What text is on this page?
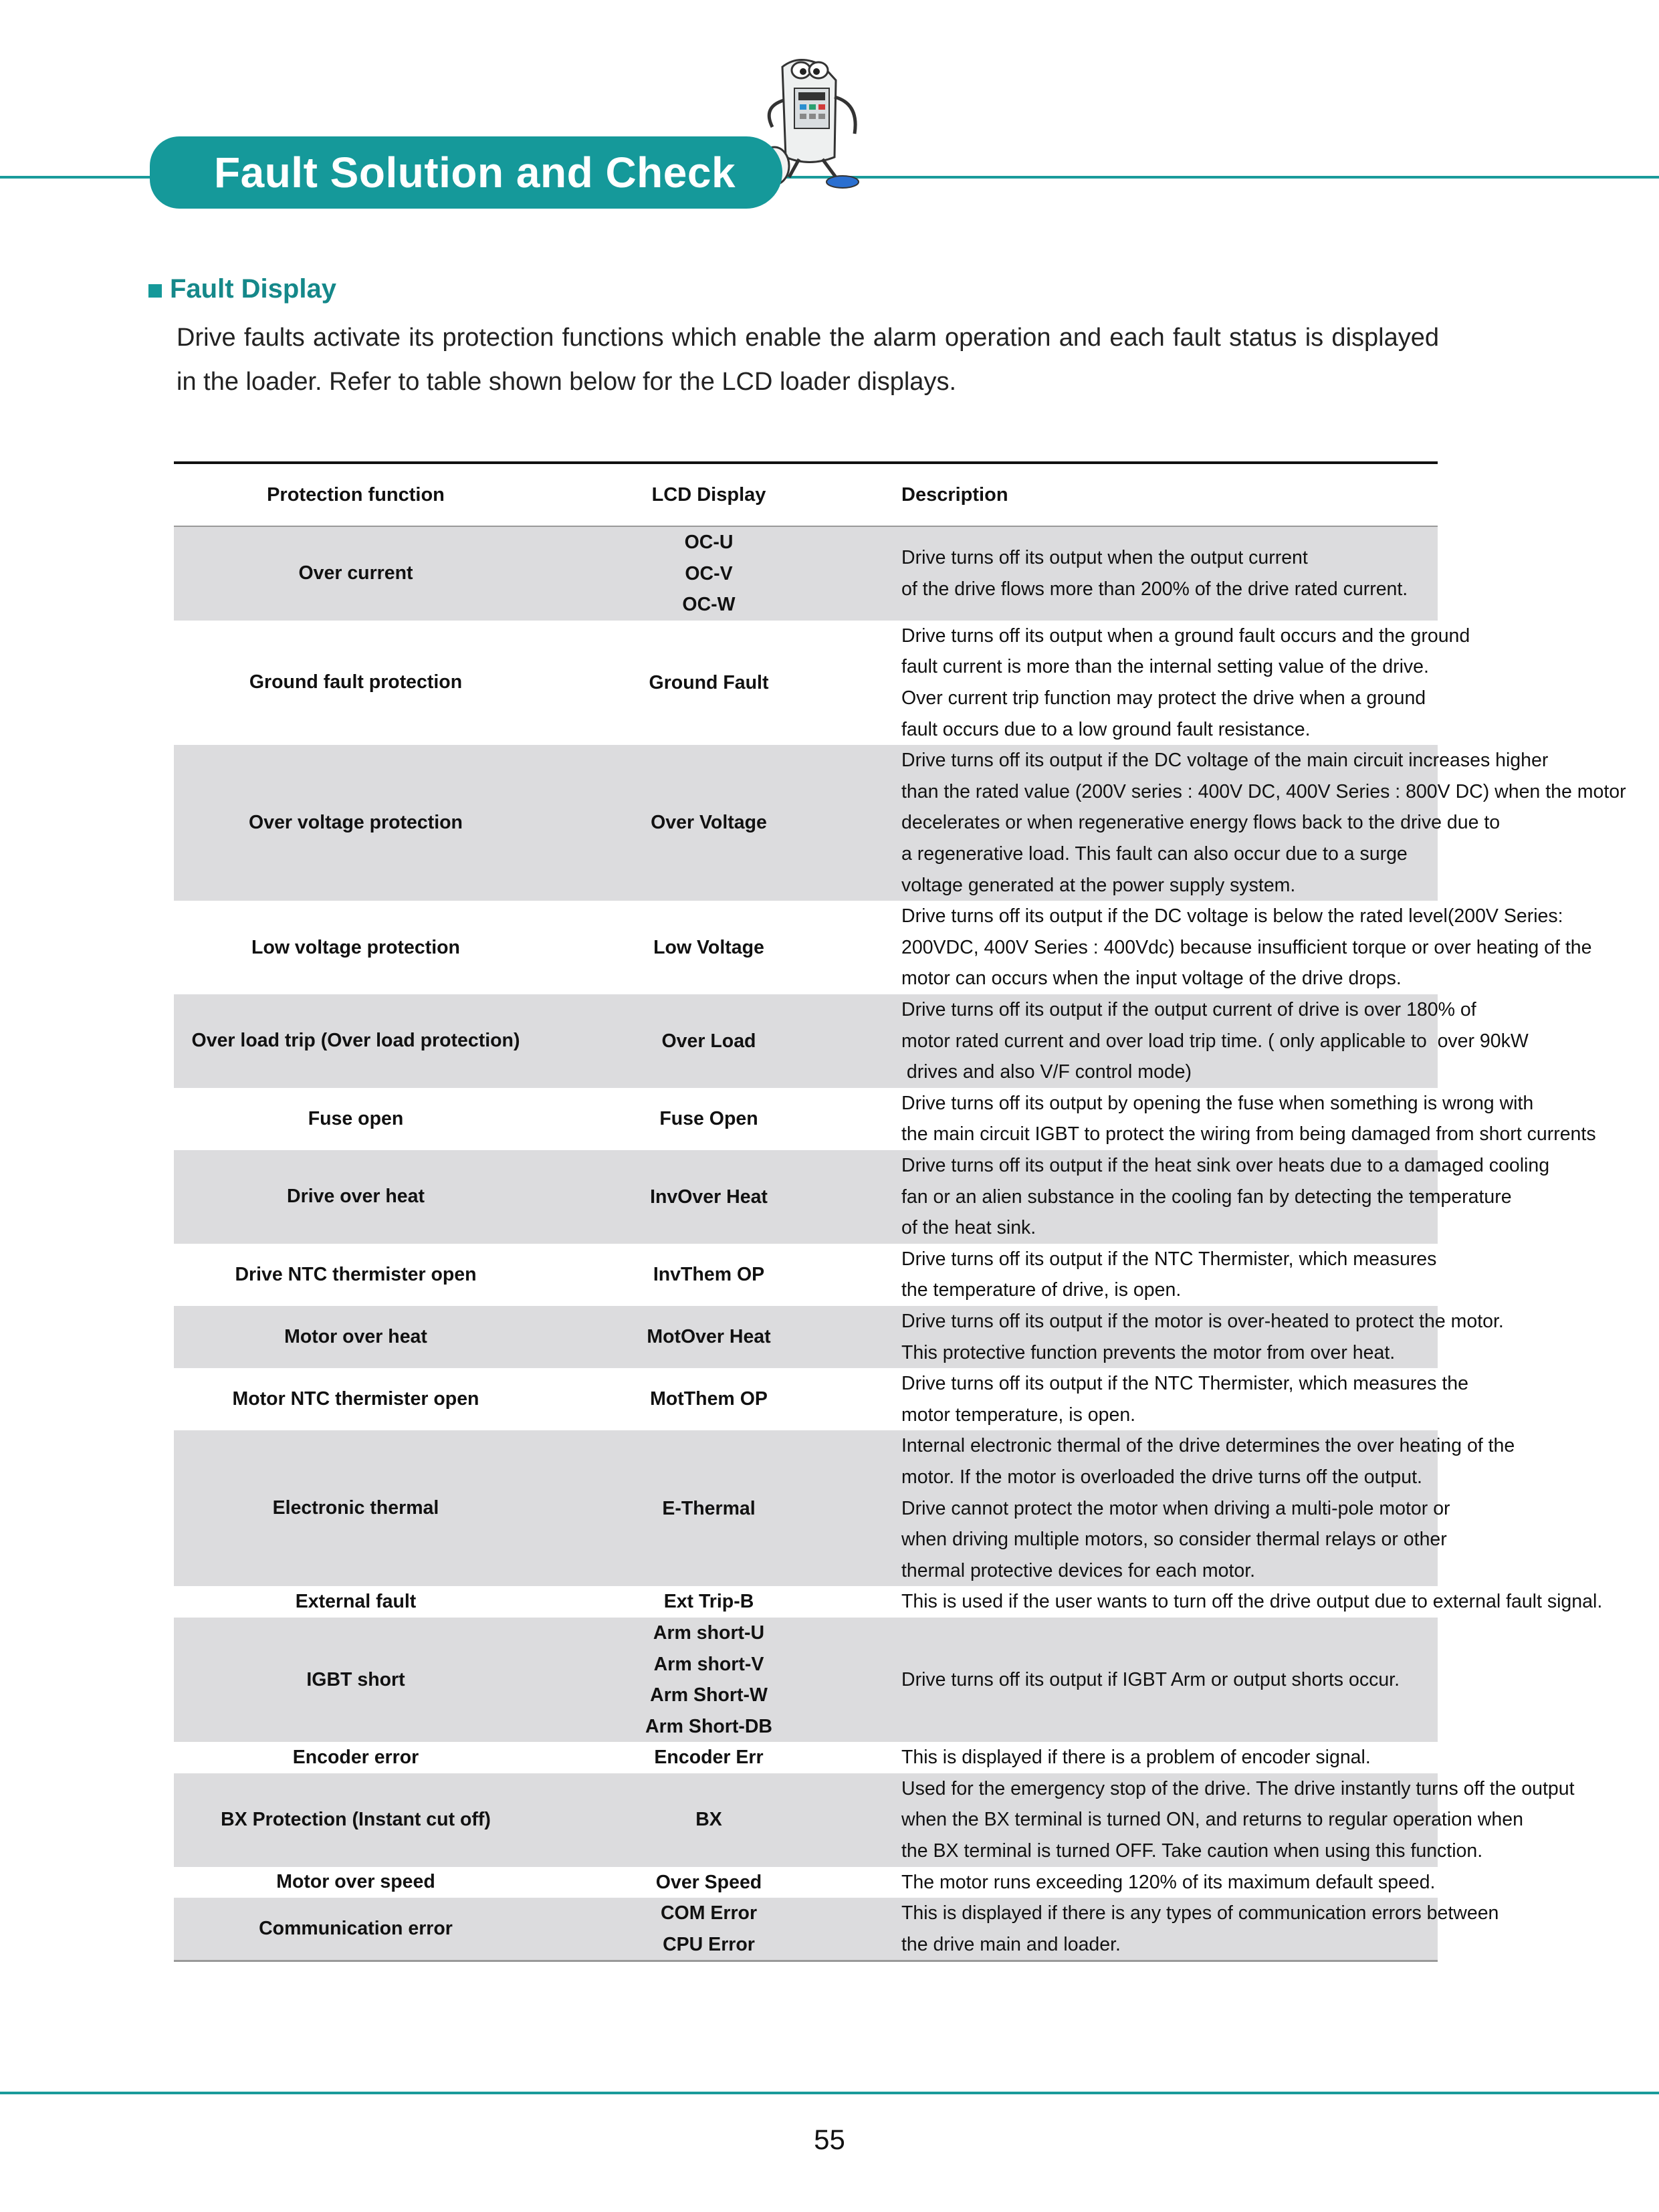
Fault Solution and Check
Fault Display
Drive faults activate its protection functions which enable the alarm operation and each fault status is displayed in the loader. Refer to table shown below for the LCD loader displays.
Protection function	LCD Display	Description
Over current	OC-U
OC-V
OC-W	Drive turns off its output when the output current
of the drive flows more than 200% of the drive rated current.

Ground fault protection	Ground Fault	Drive turns off its output when a ground fault occurs and the ground
fault current is more than the internal setting value of the drive.
Over current trip function may protect the drive when a ground
fault occurs due to a low ground fault resistance.

Over voltage protection	Over Voltage	Drive turns off its output if the DC voltage of the main circuit increases higher
than the rated value (200V series : 400V DC, 400V Series : 800V DC) when the motor
decelerates or when regenerative energy flows back to the drive due to
a regenerative load. This fault can also occur due to a surge
voltage generated at the power supply system.

Low voltage protection	Low Voltage	Drive turns off its output if the DC voltage is below the rated level(200V Series:
200VDC, 400V Series : 400Vdc) because insufficient torque or over heating of the
motor can occurs when the input voltage of the drive drops.

Over load trip (Over load protection)	Over Load	Drive turns off its output if the output current of drive is over 180% of
motor rated current and over load trip time. ( only applicable to  over 90kW
drives and also V/F control mode)

Fuse open	Fuse Open	Drive turns off its output by opening the fuse when something is wrong with
the main circuit IGBT to protect the wiring from being damaged from short currents

Drive over heat	InvOver Heat	Drive turns off its output if the heat sink over heats due to a damaged cooling
fan or an alien substance in the cooling fan by detecting the temperature
of the heat sink.

Drive NTC thermister open	InvThem OP	Drive turns off its output if the NTC Thermister, which measures
the temperature of drive, is open.

Motor over heat	MotOver Heat	Drive turns off its output if the motor is over-heated to protect the motor.
This protective function prevents the motor from over heat.

Motor NTC thermister open	MotThem OP	Drive turns off its output if the NTC Thermister, which measures the
motor temperature, is open.

Electronic thermal	E-Thermal	Internal electronic thermal of the drive determines the over heating of the
motor. If the motor is overloaded the drive turns off the output.
Drive cannot protect the motor when driving a multi-pole motor or
when driving multiple motors, so consider thermal relays or other
thermal protective devices for each motor.

External fault	Ext Trip-B	This is used if the user wants to turn off the drive output due to external fault signal.

IGBT short	Arm short-U
Arm short-V
Arm Short-W
Arm Short-DB	Drive turns off its output if IGBT Arm or output shorts occur.

Encoder error	Encoder Err	This is displayed if there is a problem of encoder signal.

BX Protection (Instant cut off)	BX	Used for the emergency stop of the drive. The drive instantly turns off the output
when the BX terminal is turned ON, and returns to regular operation when
the BX terminal is turned OFF. Take caution when using this function.

Motor over speed	Over Speed	The motor runs exceeding 120% of its maximum default speed.

Communication error	COM Error
CPU Error	This is displayed if there is any types of communication errors between
the drive main and loader.
55
